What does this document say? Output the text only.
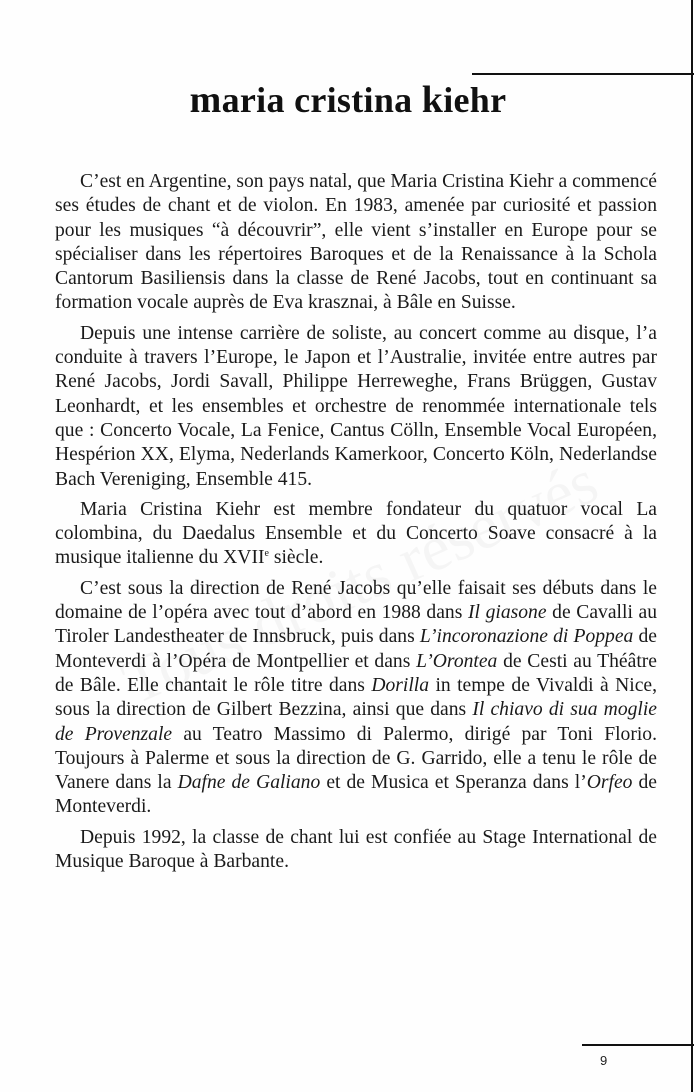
maria cristina kiehr

C’est en Argentine, son pays natal, que Maria Cristina Kiehr a commencé ses études de chant et de violon. En 1983, amenée par curiosité et passion pour les musiques “à découvrir”, elle vient s’installer en Europe pour se spécialiser dans les répertoires Baroques et de la Renaissance à la Schola Cantorum Basiliensis dans la classe de René Jacobs, tout en continuant sa formation vocale auprès de Eva krasznai, à Bâle en Suisse.

Depuis une intense carrière de soliste, au concert comme au disque, l’a conduite à travers l’Europe, le Japon et l’Australie, invitée entre autres par René Jacobs, Jordi Savall, Philippe Herreweghe, Frans Brüggen, Gustav Leonhardt, et les ensembles et orchestre de renommée internationale tels que : Concerto Vocale, La Fenice, Cantus Cölln, Ensemble Vocal Européen, Hespérion XX, Elyma, Nederlands Kamerkoor, Concerto Köln, Nederlandse Bach Vereniging, Ensemble 415.

Maria Cristina Kiehr est membre fondateur du quatuor vocal La colombina, du Daedalus Ensemble et du Concerto Soave consacré à la musique italienne du XVIIe siècle.

C’est sous la direction de René Jacobs qu’elle faisait ses débuts dans le domaine de l’opéra avec tout d’abord en 1988 dans Il giasone de Cavalli au Tiroler Landestheater de Innsbruck, puis dans L’incoronazione di Poppea de Monteverdi à l’Opéra de Montpellier et dans L’Orontea de Cesti au Théâtre de Bâle. Elle chantait le rôle titre dans Dorilla in tempe de Vivaldi à Nice, sous la direction de Gilbert Bezzina, ainsi que dans Il chiavo di sua moglie de Provenzale au Teatro Massimo di Palermo, dirigé par Toni Florio. Toujours à Palerme et sous la direction de G. Garrido, elle a tenu le rôle de Vanere dans la Dafne de Galiano et de Musica et Speranza dans l’Orfeo de Monteverdi.

Depuis 1992, la classe de chant lui est confiée au Stage International de Musique Baroque à Barbante.

9
